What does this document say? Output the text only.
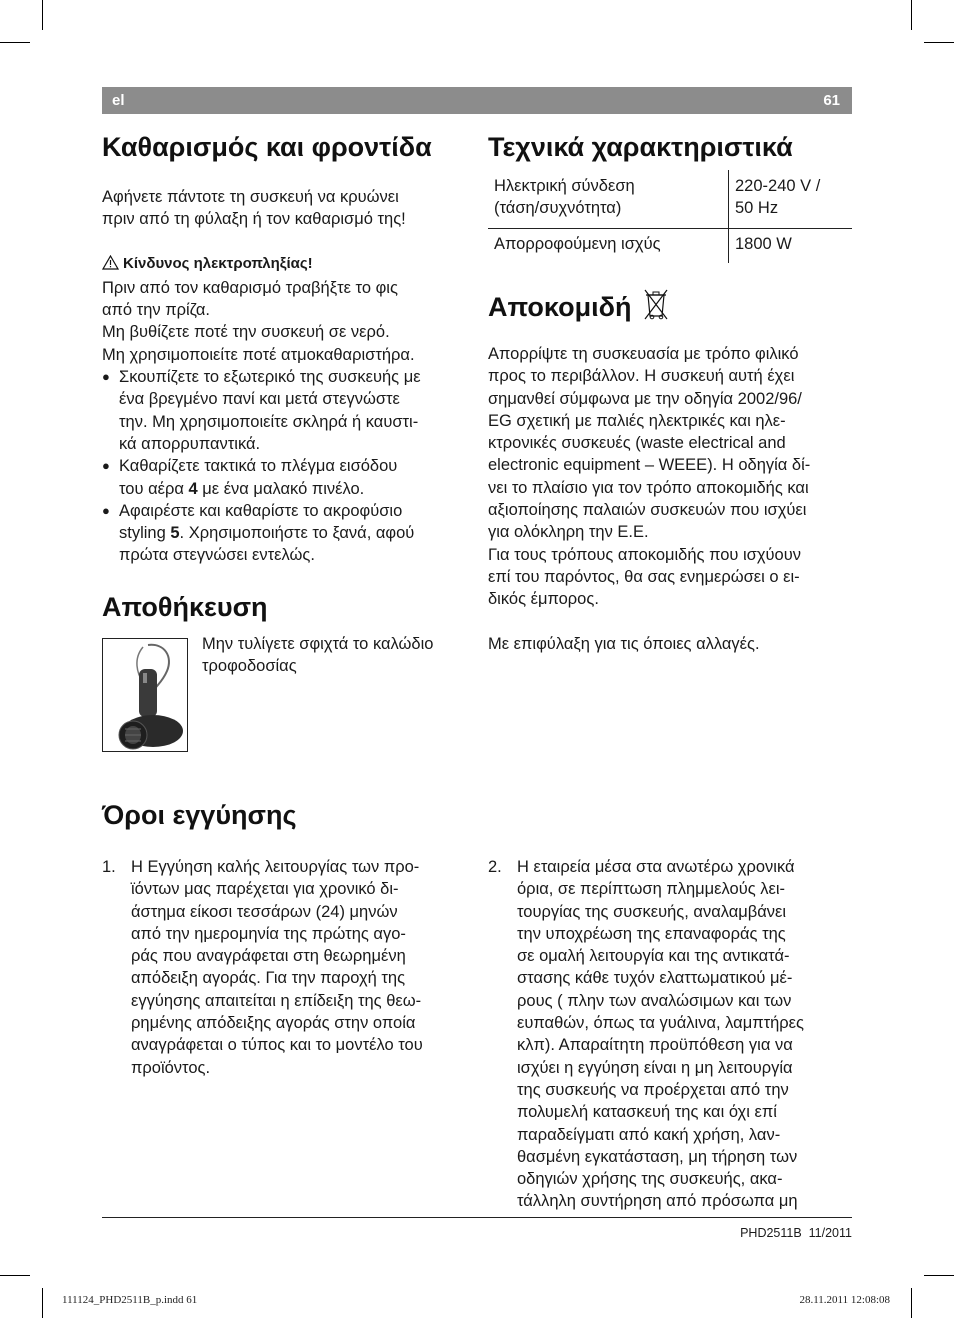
el	61
Καθαρισμός και φροντίδα

Αφήνετε πάντοτε τη συσκευή να κρυώνει

πριν από τη φύλαξη ή τον καθαρισμό της!

Κίνδυνος ηλεκτροπληξίας!

Πριν από τον καθαρισμό τραβήξτε το φις

από την πρίζα.

Μη βυθίζετε ποτέ την συσκευή σε νερό.

Μη χρησιμοποιείτε ποτέ ατμοκαθαριστήρα.

● Σκουπίζετε το εξωτερικό της συσκευής με
ένα βρεγμένο πανί και μετά στεγνώστε
την. Μη χρησιμοποιείτε σκληρά ή καυστι-
κά απορρυπαντικά.
● Καθαρίζετε τακτικά το πλέγμα εισόδου
του αέρα 4 με ένα μαλακό πινέλο.
● Αφαιρέστε και καθαρίστε το ακροφύσιο
styling 5. Χρησιμοποιήστε το ξανά, αφού
πρώτα στεγνώσει εντελώς.
Αποθήκευση

Μην τυλίγετε σφιχτά το καλώδιο

τροφοδοσίας

Τεχνικά χαρακτηριστικά
Ηλεκτρική σύνδεση
(τάση/συχνότητα)	220-240 V /
50 Hz
Απορροφούμενη ισχύς	1800 W
Αποκομιδή

Απορρίψτε τη συσκευασία με τρόπο φιλικό

προς το περιβάλλον. Η συσκευή αυτή έχει

σημανθεί σύμφωνα με την οδηγία 2002/96/

EG σχετική με παλιές ηλεκτρικές και ηλε-

κτρονικές συσκευές (waste electrical and

electronic equipment – WEEE). Η οδηγία δί-

νει το πλαίσιο για τον τρόπο αποκομιδής και

αξιοποίησης παλαιών συσκευών που ισχύει

για ολόκληρη την Ε.Ε.

Για τους τρόπους αποκομιδής που ισχύουν

επί του παρόντος, θα σας ενημερώσει ο ει-

δικός έμπορος.

Με επιφύλαξη για τις όποιες αλλαγές.

Όροι εγγύησης
1. Η Εγγύηση καλής λειτουργίας των προ-
ϊόντων μας παρέχεται για χρονικό δι-
άστημα είκοσι τεσσάρων (24) μηνών
από την ημερομηνία της πρώτης αγο-
ράς που αναγράφεται στη θεωρημένη
απόδειξη αγοράς. Για την παροχή της
εγγύησης απαιτείται η επίδειξη της θεω-
ρημένης απόδειξης αγοράς στην οποία
αναγράφεται ο τύπος και το μοντέλο του
προϊόντος.
2. Η εταιρεία μέσα στα ανωτέρω χρονικά
όρια, σε περίπτωση πλημμελούς λει-
τουργίας της συσκευής, αναλαμβάνει
την υποχρέωση της επαναφοράς της
σε ομαλή λειτουργία και της αντικατά-
στασης κάθε τυχόν ελαττωματικού μέ-
ρους ( πλην των αναλώσιμων και των
ευπαθών, όπως τα γυάλινα, λαμπτήρες
κλπ). Απαραίτητη προϋπόθεση για να
ισχύει η εγγύηση είναι η μη λειτουργία
της συσκευής να προέρχεται από την
πολυμελή κατασκευή της και όχι επί
παραδείγματι από κακή χρήση, λαν-
θασμένη εγκατάσταση, μη τήρηση των
οδηγιών χρήσης της συσκευής, ακα-
τάλληλη συντήρηση από πρόσωπα μη
PHD2511B 11/2011
111124_PHD2511B_p.indd 61	28.11.2011 12:08:08
